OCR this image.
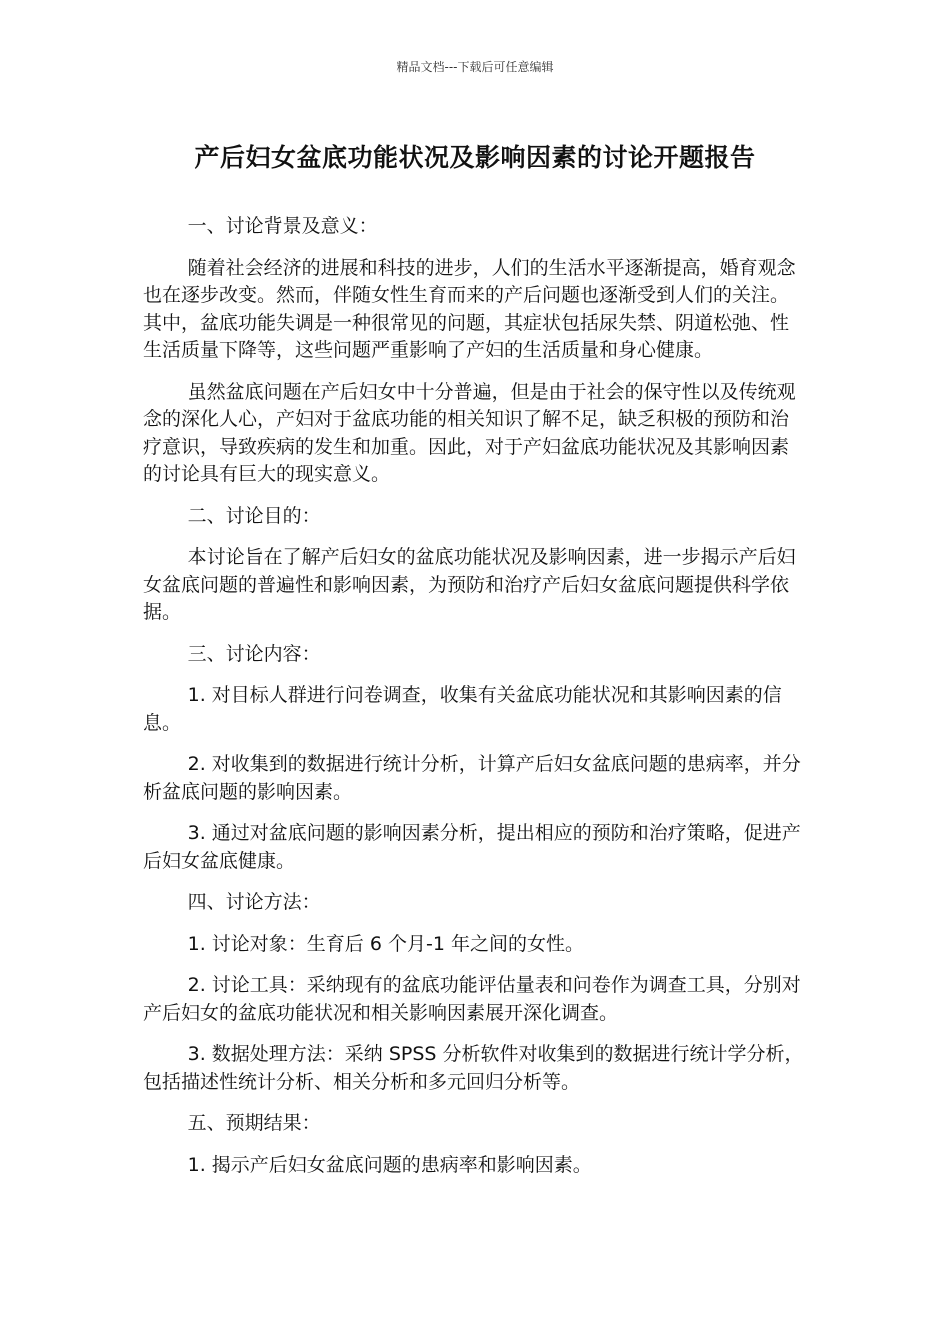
精品文档---下载后可任意编辑
产后妇女盆底功能状况及影响因素的讨论开题报告
一、讨论背景及意义：
随着社会经济的进展和科技的进步，人们的生活水平逐渐提高，婚育观念也在逐步改变。然而，伴随女性生育而来的产后问题也逐渐受到人们的关注。其中，盆底功能失调是一种很常见的问题，其症状包括尿失禁、阴道松弛、性生活质量下降等，这些问题严重影响了产妇的生活质量和身心健康。
虽然盆底问题在产后妇女中十分普遍，但是由于社会的保守性以及传统观念的深化人心，产妇对于盆底功能的相关知识了解不足，缺乏积极的预防和治疗意识，导致疾病的发生和加重。因此，对于产妇盆底功能状况及其影响因素的讨论具有巨大的现实意义。
二、讨论目的：
本讨论旨在了解产后妇女的盆底功能状况及影响因素，进一步揭示产后妇女盆底问题的普遍性和影响因素，为预防和治疗产后妇女盆底问题提供科学依据。
三、讨论内容：
1. 对目标人群进行问卷调查，收集有关盆底功能状况和其影响因素的信息。
2. 对收集到的数据进行统计分析，计算产后妇女盆底问题的患病率，并分析盆底问题的影响因素。
3. 通过对盆底问题的影响因素分析，提出相应的预防和治疗策略，促进产后妇女盆底健康。
四、讨论方法：
1. 讨论对象：生育后 6 个月-1 年之间的女性。
2. 讨论工具：采纳现有的盆底功能评估量表和问卷作为调查工具，分别对产后妇女的盆底功能状况和相关影响因素展开深化调查。
3. 数据处理方法：采纳 SPSS 分析软件对收集到的数据进行统计学分析，包括描述性统计分析、相关分析和多元回归分析等。
五、预期结果：
1. 揭示产后妇女盆底问题的患病率和影响因素。
